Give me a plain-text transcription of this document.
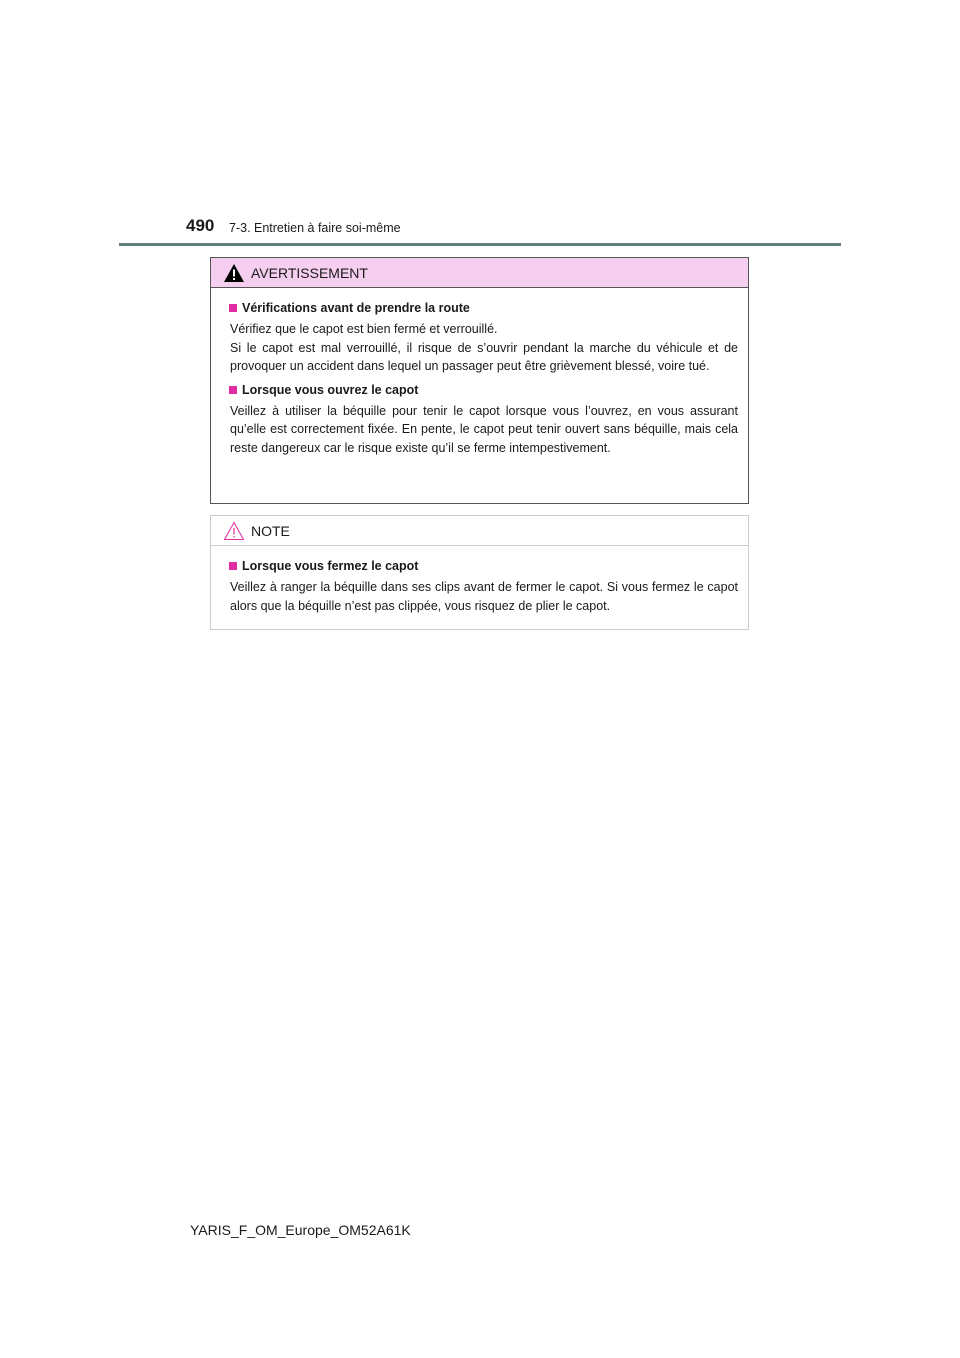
490 7-3. Entretien à faire soi-même
AVERTISSEMENT
Vérifications avant de prendre la route

Vérifiez que le capot est bien fermé et verrouillé.

Si le capot est mal verrouillé, il risque de s’ouvrir pendant la marche du véhicule et de provoquer un accident dans lequel un passager peut être grièvement blessé, voire tué.

Lorsque vous ouvrez le capot

Veillez à utiliser la béquille pour tenir le capot lorsque vous l’ouvrez, en vous assurant qu’elle est correctement fixée. En pente, le capot peut tenir ouvert sans béquille, mais cela reste dangereux car le risque existe qu’il se ferme intempestivement.

NOTE
Lorsque vous fermez le capot

Veillez à ranger la béquille dans ses clips avant de fermer le capot. Si vous fermez le capot alors que la béquille n’est pas clippée, vous risquez de plier le capot.

YARIS_F_OM_Europe_OM52A61K
